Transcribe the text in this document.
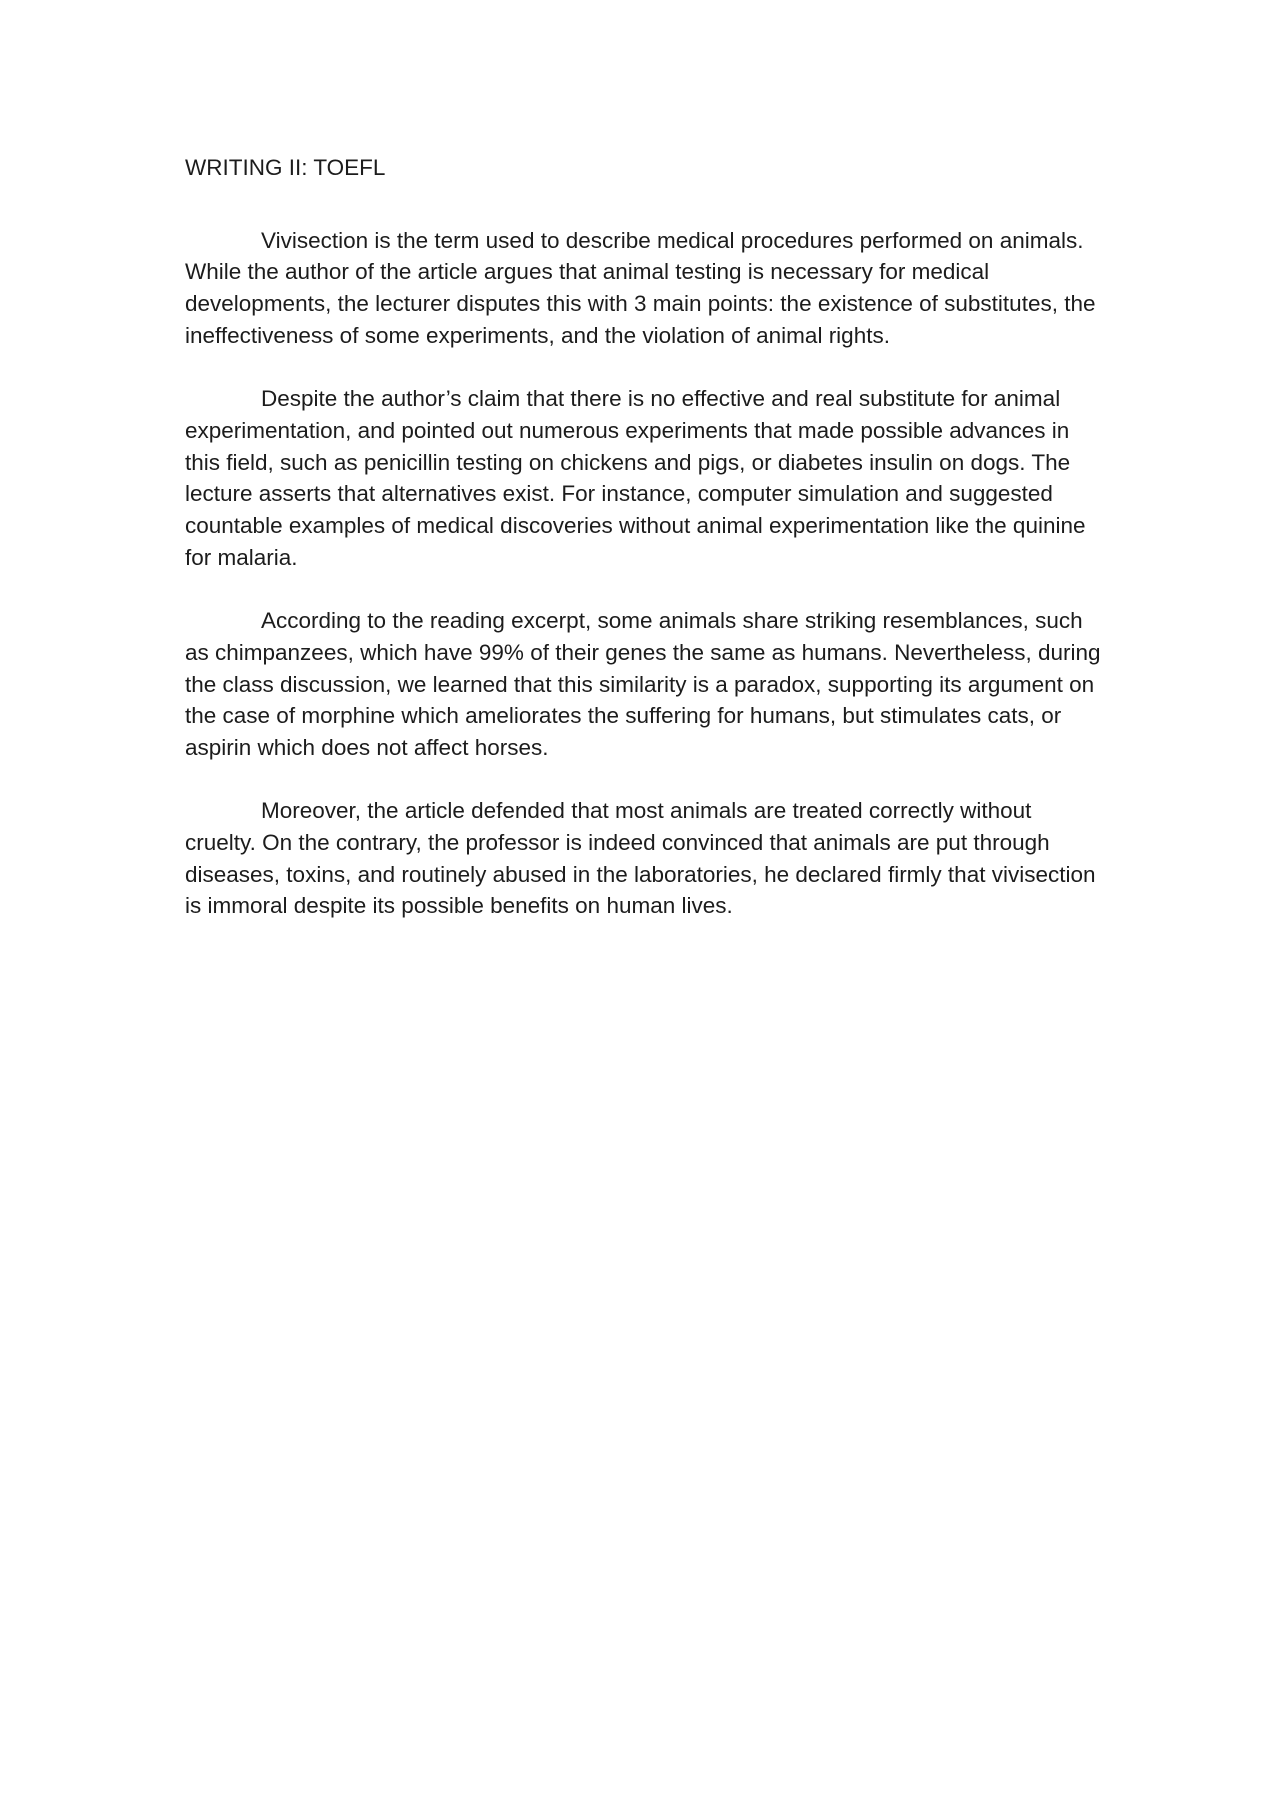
WRITING II: TOEFL

Vivisection is the term used to describe medical procedures performed on animals. While the author of the article argues that animal testing is necessary for medical developments, the lecturer disputes this with 3 main points: the existence of substitutes, the ineffectiveness of some experiments, and the violation of animal rights.

Despite the author’s claim that there is no effective and real substitute for animal experimentation, and pointed out numerous experiments that made possible advances in this field, such as penicillin testing on chickens and pigs, or diabetes insulin on dogs. The lecture asserts that alternatives exist. For instance, computer simulation and suggested countable examples of medical discoveries without animal experimentation like the quinine for malaria.

According to the reading excerpt, some animals share striking resemblances, such as chimpanzees, which have 99% of their genes the same as humans. Nevertheless, during the class discussion, we learned that this similarity is a paradox, supporting its argument on the case of morphine which ameliorates the suffering for humans, but stimulates cats, or aspirin which does not affect horses.

Moreover, the article defended that most animals are treated correctly without cruelty. On the contrary, the professor is indeed convinced that animals are put through diseases, toxins, and routinely abused in the laboratories, he declared firmly that vivisection is immoral despite its possible benefits on human lives.
